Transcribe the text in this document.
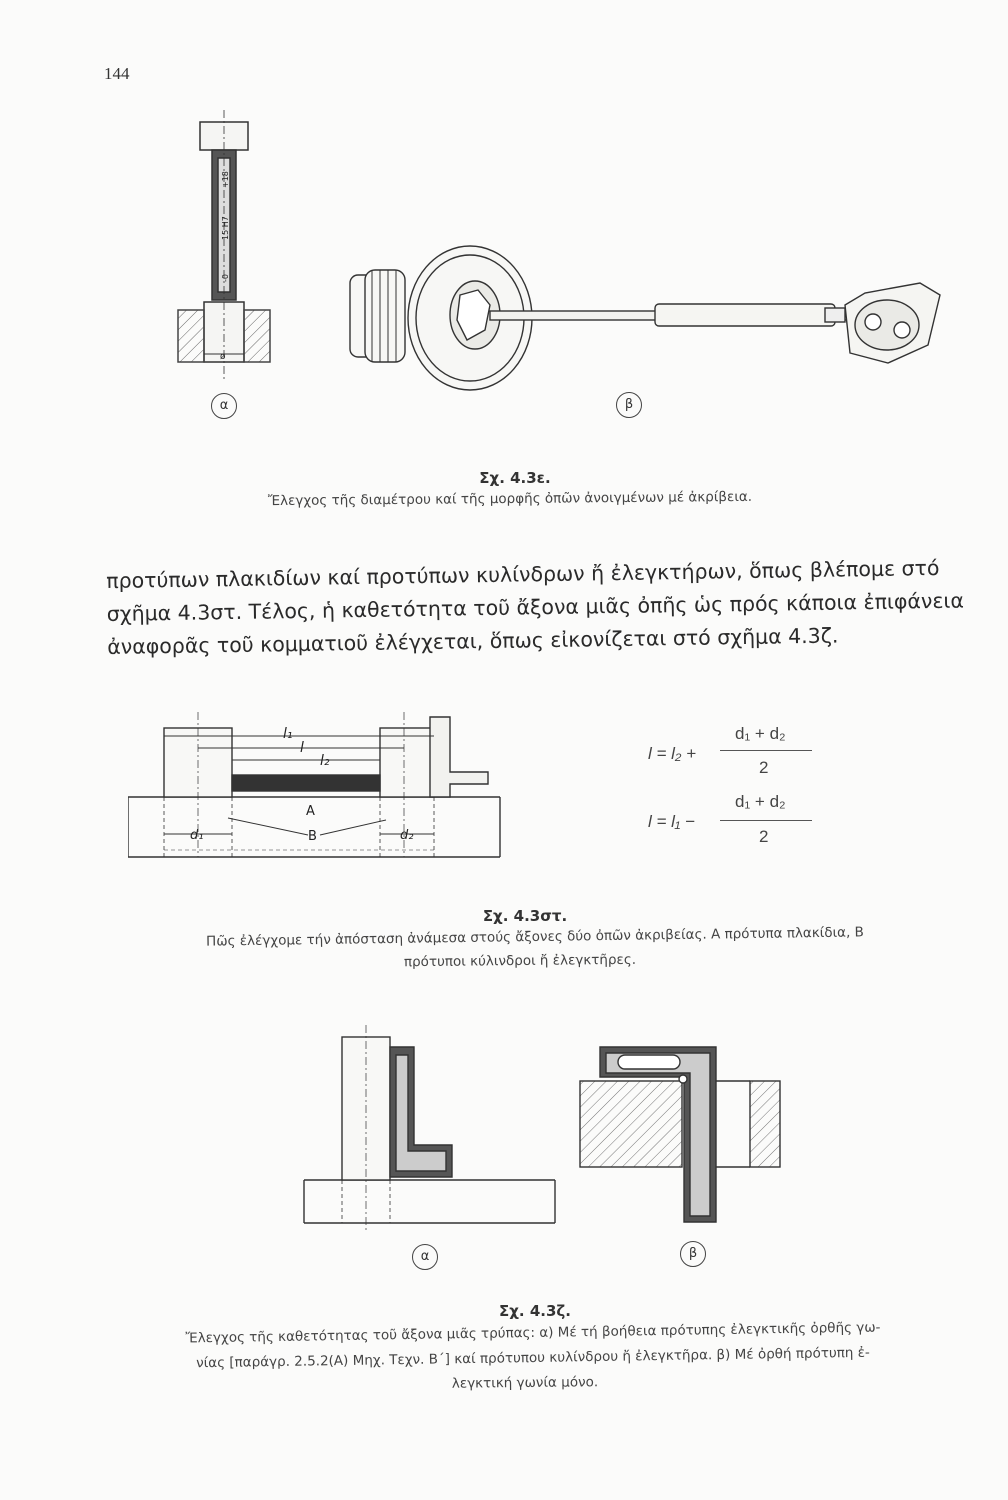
144
+18
15 H7
-0
ø
α	β
Σχ. 4.3ε.
Ἔλεγχος τῆς διαμέτρου καί τῆς μορφῆς ὀπῶν ἀνοιγμένων μέ ἀκρίβεια.
προτύπων πλακιδίων καί προτύπων κυλίνδρων ἤ ἐλεγκτήρων, ὅπως βλέπομε στό
σχῆμα 4.3στ. Τέλος, ἡ καθετότητα τοῦ ἄξονα μιᾶς ὀπῆς ὡς πρός κάποια ἐπιφάνεια
ἀναφορᾶς τοῦ κομματιοῦ ἐλέγχεται, ὅπως εἰκονίζεται στό σχῆμα 4.3ζ.
l₁
l
l₂
A
B
d₁	d₂
l = l₂ +
d₁ + d₂
2
l = l₁ −
d₁ + d₂
2
Σχ. 4.3στ.
Πῶς ἐλέγχομε τήν ἀπόσταση ἀνάμεσα στούς ἄξονες δύο ὀπῶν ἀκριβείας. A πρότυπα πλακίδια, B
πρότυποι κύλινδροι ἤ ἐλεγκτῆρες.
α	β
Σχ. 4.3ζ.
Ἔλεγχος τῆς καθετότητας τοῦ ἄξονα μιᾶς τρύπας: α) Μέ τή βοήθεια πρότυπης ἐλεγκτικῆς ὀρθῆς γω-
νίας [παράγρ. 2.5.2(Α) Μηχ. Τεχν. Β΄] καί πρότυπου κυλίνδρου ἤ ἐλεγκτῆρα. β) Μέ ὀρθή πρότυπη ἐ-
λεγκτική γωνία μόνο.
